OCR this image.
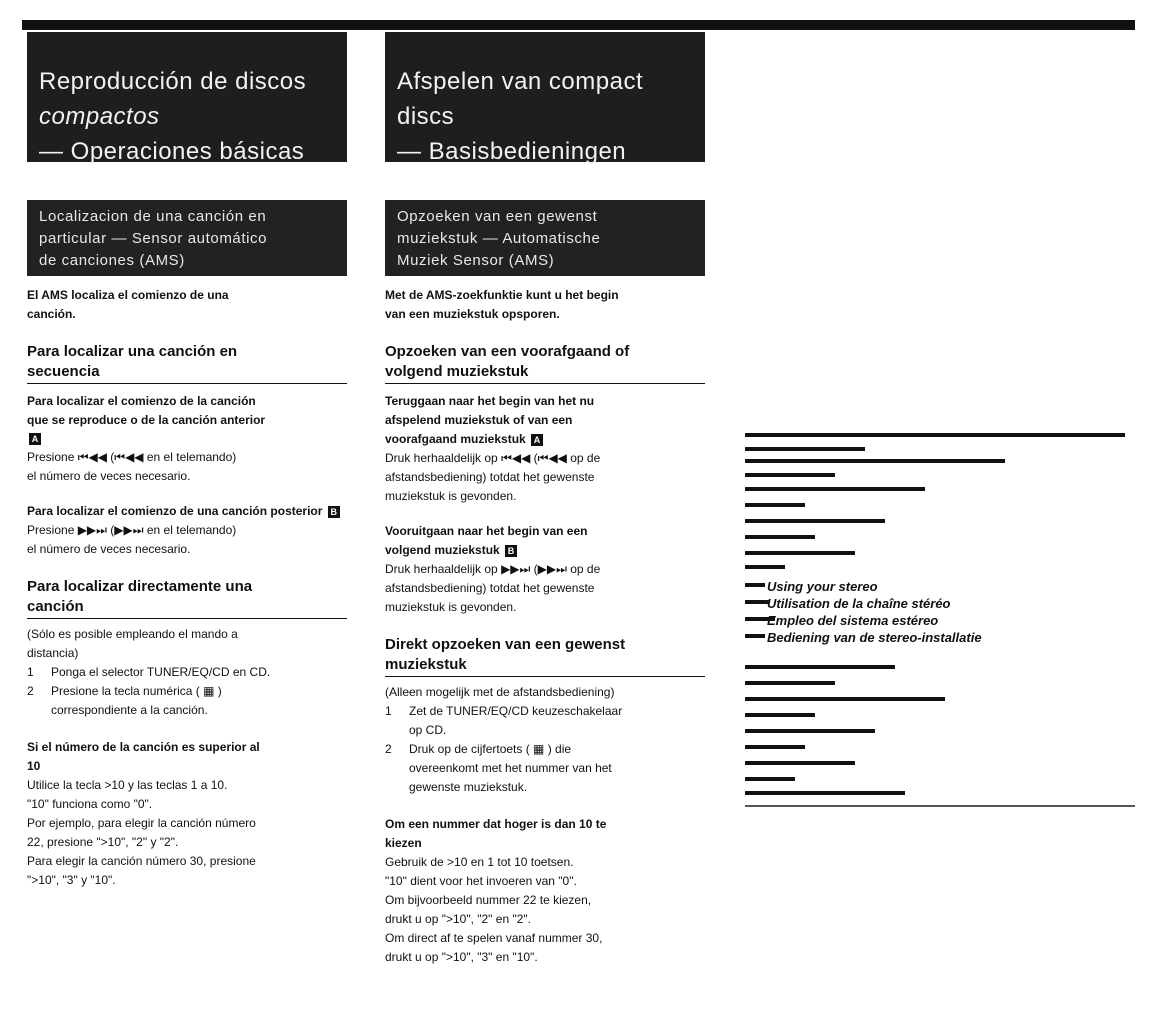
Reproducción de discos
compactos
— Operaciones básicas
Localizacion de una canción en
particular — Sensor automático
de canciones (AMS)
El AMS localiza el comienzo de una
canción.
Para localizar una canción en
secuencia
Para localizar el comienzo de la canción
que se reproduce o de la canción anterior
A
Presione ⏮◀◀ (⏮◀◀ en el telemando)
el número de veces necesario.
Para localizar el comienzo de una canción posterior B
Presione ▶▶⏭ (▶▶⏭ en el telemando)
el número de veces necesario.
Para localizar directamente una
canción
(Sólo es posible empleando el mando a
distancia)
1	Ponga el selector TUNER/EQ/CD en CD.
2	Presione la tecla numérica ( ▦ )
correspondiente a la canción.
Si el número de la canción es superior al
10
Utilice la tecla >10 y las teclas 1 a 10.
"10" funciona como "0".
Por ejemplo, para elegir la canción número
22, presione ">10", "2" y "2".
Para elegir la canción número 30, presione
">10", "3" y "10".
Afspelen van compact
discs
— Basisbedieningen
Opzoeken van een gewenst
muziekstuk — Automatische
Muziek Sensor (AMS)
Met de AMS-zoekfunktie kunt u het begin
van een muziekstuk opsporen.
Opzoeken van een voorafgaand of
volgend muziekstuk
Teruggaan naar het begin van het nu
afspelend muziekstuk of van een
voorafgaand muziekstuk A
Druk herhaaldelijk op ⏮◀◀ (⏮◀◀ op de
afstandsbediening) totdat het gewenste
muziekstuk is gevonden.
Vooruitgaan naar het begin van een
volgend muziekstuk B
Druk herhaaldelijk op ▶▶⏭ (▶▶⏭ op de
afstandsbediening) totdat het gewenste
muziekstuk is gevonden.
Direkt opzoeken van een gewenst
muziekstuk
(Alleen mogelijk met de afstandsbediening)
1	Zet de TUNER/EQ/CD keuzeschakelaar
op CD.
2	Druk op de cijfertoets ( ▦ ) die
overeenkomt met het nummer van het
gewenste muziekstuk.
Om een nummer dat hoger is dan 10 te
kiezen
Gebruik de >10 en 1 tot 10 toetsen.
"10" dient voor het invoeren van "0".
Om bijvoorbeeld nummer 22 te kiezen,
drukt u op ">10", "2" en "2".
Om direct af te spelen vanaf nummer 30,
drukt u op ">10", "3" en "10".
Using your stereo
Utilisation de la chaîne stéréo
Empleo del sistema estéreo
Bediening van de stereo-installatie
